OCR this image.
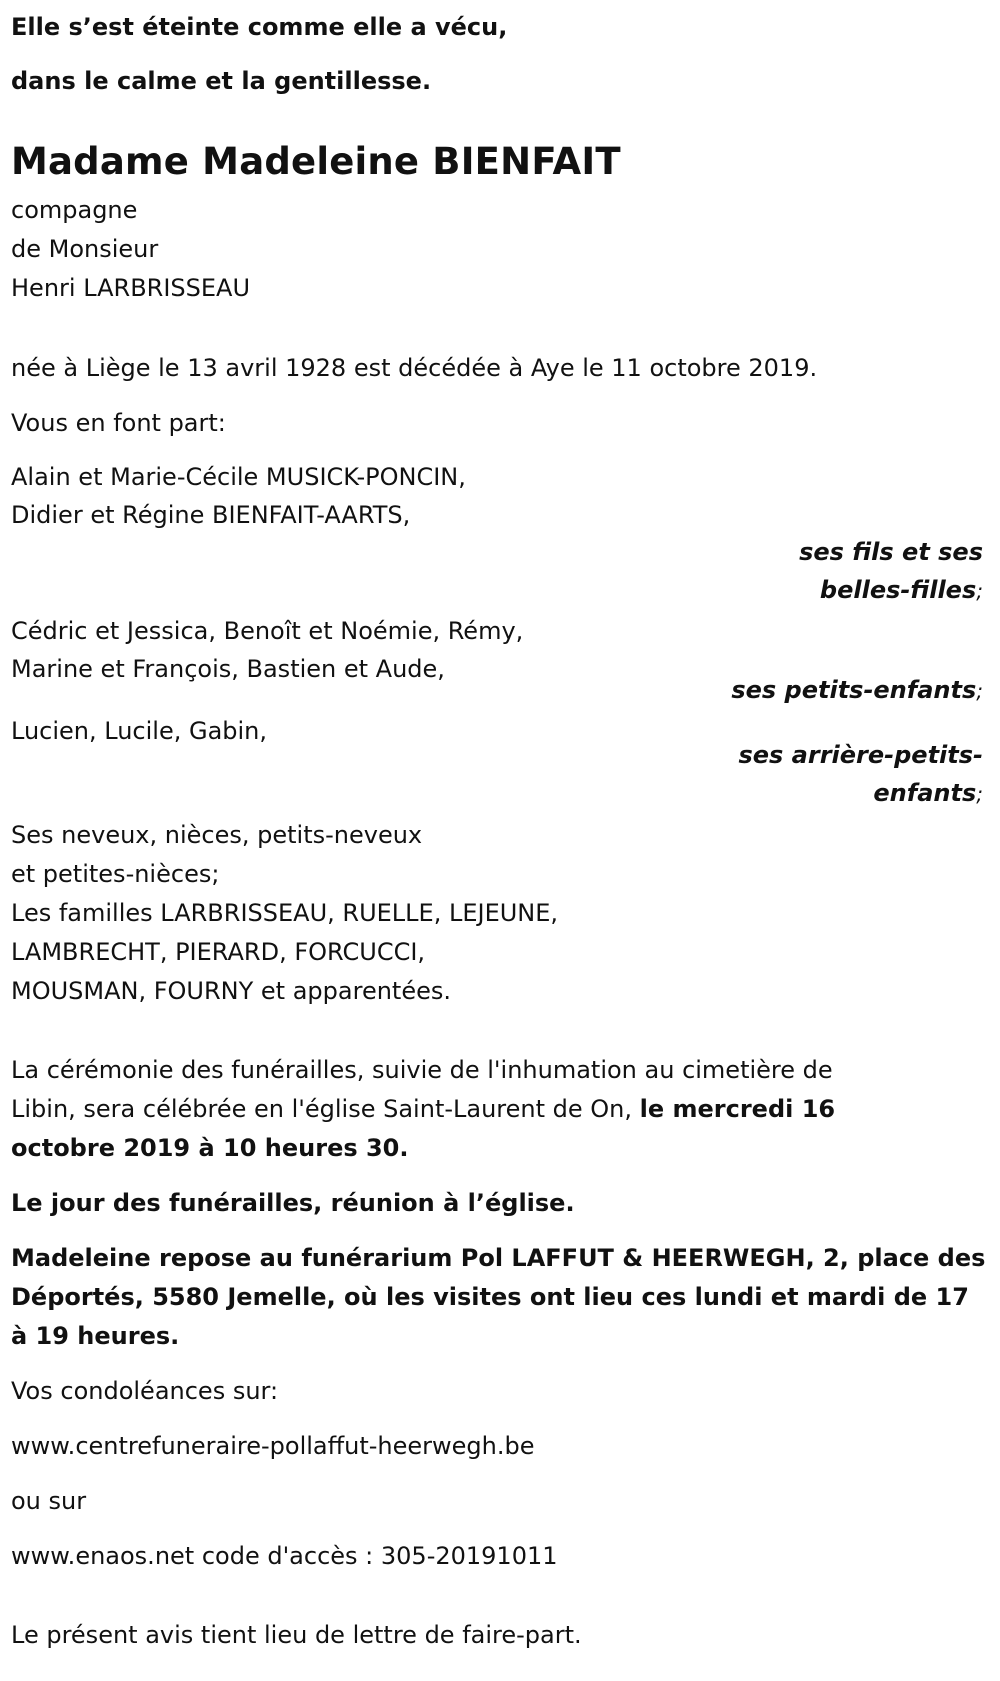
Elle s’est éteinte comme elle a vécu,

dans le calme et la gentillesse.

Madame Madeleine BIENFAIT

compagne

de Monsieur

Henri LARBRISSEAU

née à Liège le 13 avril 1928 est décédée à Aye le 11 octobre 2019.

Vous en font part:

Alain et Marie-Cécile MUSICK-PONCIN,

Didier et Régine BIENFAIT-AARTS,

ses fils et ses

belles-filles;

Cédric et Jessica, Benoît et Noémie, Rémy,

Marine et François, Bastien et Aude,

ses petits-enfants;

Lucien, Lucile, Gabin,

ses arrière-petits-

enfants;

Ses neveux, nièces, petits-neveux

et petites-nièces;

Les familles LARBRISSEAU, RUELLE, LEJEUNE,

LAMBRECHT, PIERARD, FORCUCCI,

MOUSMAN, FOURNY et apparentées.

La cérémonie des funérailles, suivie de l'inhumation au cimetière de

Libin, sera célébrée en l'église Saint-Laurent de On, le mercredi 16

octobre 2019 à 10 heures 30.

Le jour des funérailles, réunion à l’église.

Madeleine repose au funérarium Pol LAFFUT & HEERWEGH, 2, place des

Déportés, 5580 Jemelle, où les visites ont lieu ces lundi et mardi de 17

à 19 heures.

Vos condoléances sur:

www.centrefuneraire-pollaffut-heerwegh.be

ou sur

www.enaos.net code d'accès : 305-20191011

Le présent avis tient lieu de lettre de faire-part.
